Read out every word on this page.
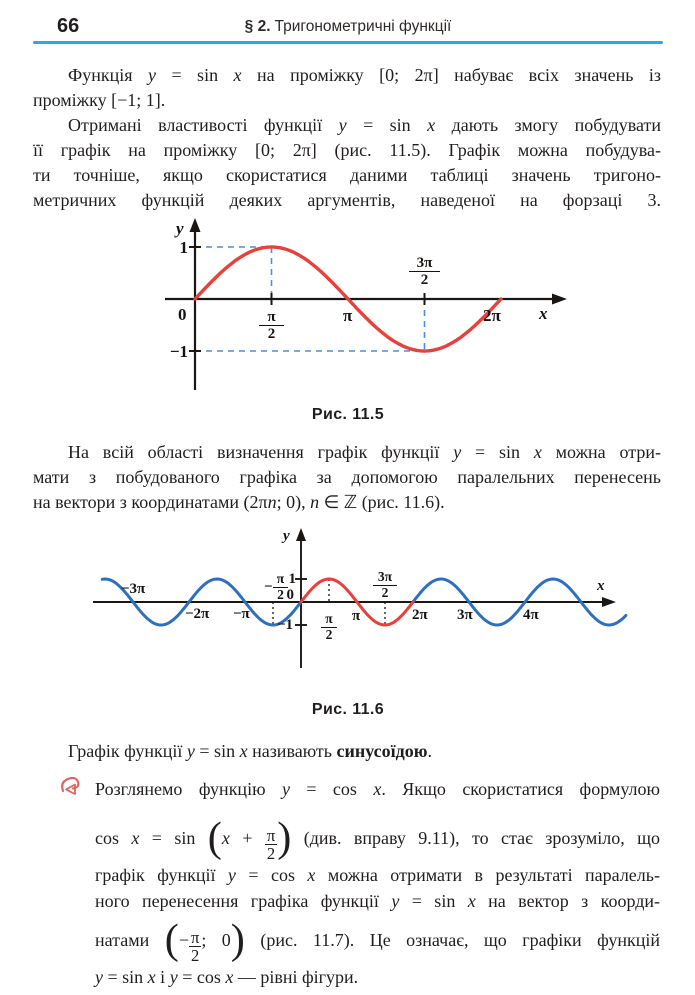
66	§ 2. Тригонометричні функції
Функція y = sin x на проміжку [0; 2π] набуває всіх значень із
проміжку [−1; 1].
Отримані властивості функції y = sin x дають змогу побудувати
її графік на проміжку [0; 2π] (рис. 11.5). Графік можна побудува-
ти точніше, якщо скористатися даними таблиці значень тригоно-
метричних функцій деяких аргументів, наведеної на форзаці 3.
y
x
1
−1
0	π	2π
$\frac{\pi}{2}$
$\frac{3\pi}{2}$
Рис. 11.5
На всій області визначення графік функції y = sin x можна отри-
мати з побудованого графіка за допомогою паралельних перенесень
на вектори з координатами (2πn; 0), n ∈ ℤ (рис. 11.6).
y
x
−3π
−2π −π
− $\frac{\pi}{2} 1$
0
$-1 \frac{\pi}{2}$ π
$\frac{3\pi}{2}$
2π 3π	4π
Рис. 11.6
Графік функції y = sin x називають синусоїдою.
Розглянемо функцію y = cos x. Якщо скористатися формулою
$\cos x = \sin (x + \frac{\pi}{2}$ ) (див. вправу 9.11), то стає зрозуміло, що
графік функції y = cos x можна отримати в результаті паралель-
ного перенесення графіка функції y = sin x на вектор з коорди-
натами (− $\frac{\pi}{2}$ ; 0) (рис. 11.7). Це означає, що графіки функцій
y = sin x і y = cos x — рівні фігури.
